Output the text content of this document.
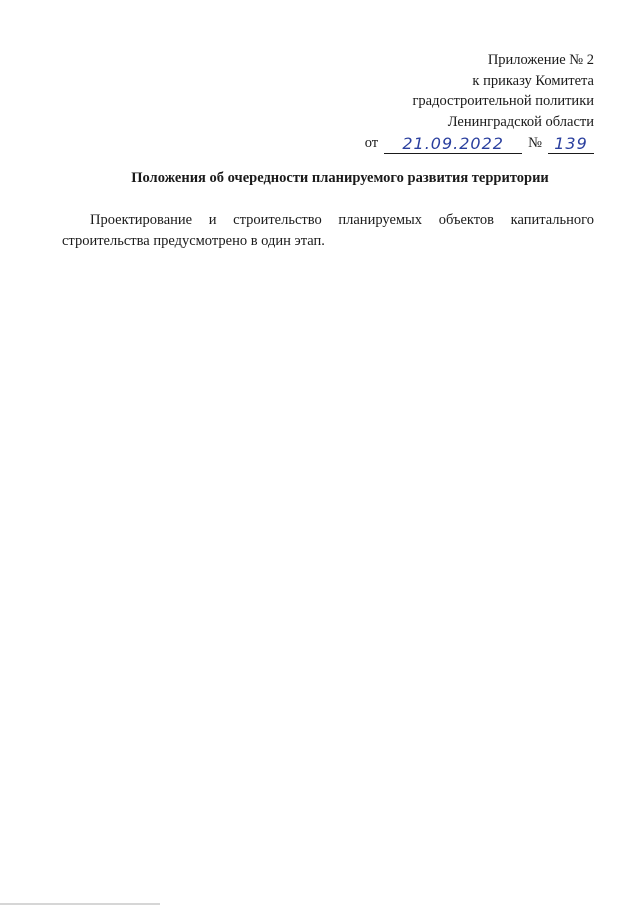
Приложение № 2
к приказу Комитета
градостроительной политики
Ленинградской области
от	21.09.2022	№ 139
Положения об очередности планируемого развития территории
Проектирование и строительство планируемых объектов капитального
строительства предусмотрено в один этап.
